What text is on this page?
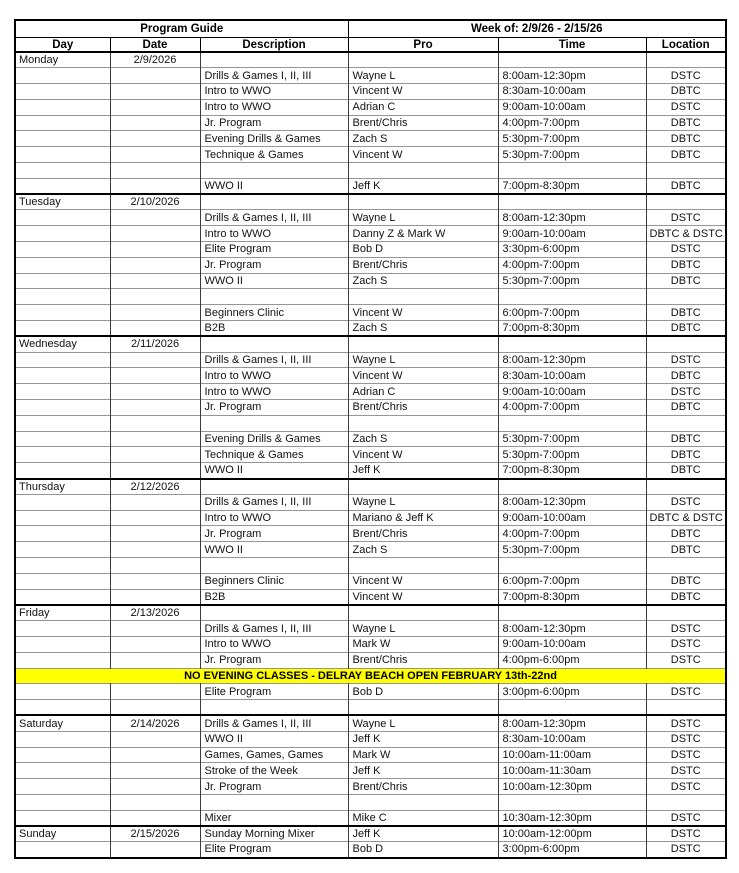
Program Guide			Week of: 2/9/26 - 2/15/26		
Day	Date	Description	Pro	Time	Location
Monday	2/9/2026				
		Drills & Games I, II, III	Wayne L	8:00am-12:30pm	DSTC
		Intro to WWO	Vincent W	8:30am-10:00am	DBTC
		Intro to WWO	Adrian C	9:00am-10:00am	DSTC
		Jr. Program	Brent/Chris	4:00pm-7:00pm	DBTC
		Evening Drills & Games	Zach S	5:30pm-7:00pm	DBTC
		Technique & Games	Vincent W	5:30pm-7:00pm	DBTC

		WWO II	Jeff K	7:00pm-8:30pm	DBTC
Tuesday	2/10/2026				
		Drills & Games I, II, III	Wayne L	8:00am-12:30pm	DSTC
		Intro to WWO	Danny Z & Mark W	9:00am-10:00am	DBTC & DSTC
		Elite Program	Bob D	3:30pm-6:00pm	DSTC
		Jr. Program	Brent/Chris	4:00pm-7:00pm	DBTC
		WWO II	Zach S	5:30pm-7:00pm	DBTC

		Beginners Clinic	Vincent W	6:00pm-7:00pm	DBTC
		B2B	Zach S	7:00pm-8:30pm	DBTC
Wednesday	2/11/2026				
		Drills & Games I, II, III	Wayne L	8:00am-12:30pm	DSTC
		Intro to WWO	Vincent W	8:30am-10:00am	DBTC
		Intro to WWO	Adrian C	9:00am-10:00am	DSTC
		Jr. Program	Brent/Chris	4:00pm-7:00pm	DBTC

		Evening Drills & Games	Zach S	5:30pm-7:00pm	DBTC
		Technique & Games	Vincent W	5:30pm-7:00pm	DBTC
		WWO II	Jeff K	7:00pm-8:30pm	DBTC
Thursday	2/12/2026				
		Drills & Games I, II, III	Wayne L	8:00am-12:30pm	DSTC
		Intro to WWO	Mariano & Jeff K	9:00am-10:00am	DBTC & DSTC
		Jr. Program	Brent/Chris	4:00pm-7:00pm	DBTC
		WWO II	Zach S	5:30pm-7:00pm	DBTC

		Beginners Clinic	Vincent W	6:00pm-7:00pm	DBTC
		B2B	Vincent W	7:00pm-8:30pm	DBTC
Friday	2/13/2026				
		Drills & Games I, II, III	Wayne L	8:00am-12:30pm	DSTC
		Intro to WWO	Mark W	9:00am-10:00am	DSTC
		Jr. Program	Brent/Chris	4:00pm-6:00pm	DSTC
NO EVENING CLASSES - DELRAY BEACH OPEN FEBRUARY 13th-22nd					

		Elite Program	Bob D	3:00pm-6:00pm	DSTC

Saturday	2/14/2026	Drills & Games I, II, III	Wayne L	8:00am-12:30pm	DSTC
		WWO II	Jeff K	8:30am-10:00am	DSTC
		Games, Games, Games	Mark W	10:00am-11:00am	DSTC
		Stroke of the Week	Jeff K	10:00am-11:30am	DSTC
		Jr. Program	Brent/Chris	10:00am-12:30pm	DSTC

		Mixer	Mike C	10:30am-12:30pm	DSTC
Sunday	2/15/2026	Sunday Morning Mixer	Jeff K	10:00am-12:00pm	DSTC
		Elite Program	Bob D	3:00pm-6:00pm	DSTC
